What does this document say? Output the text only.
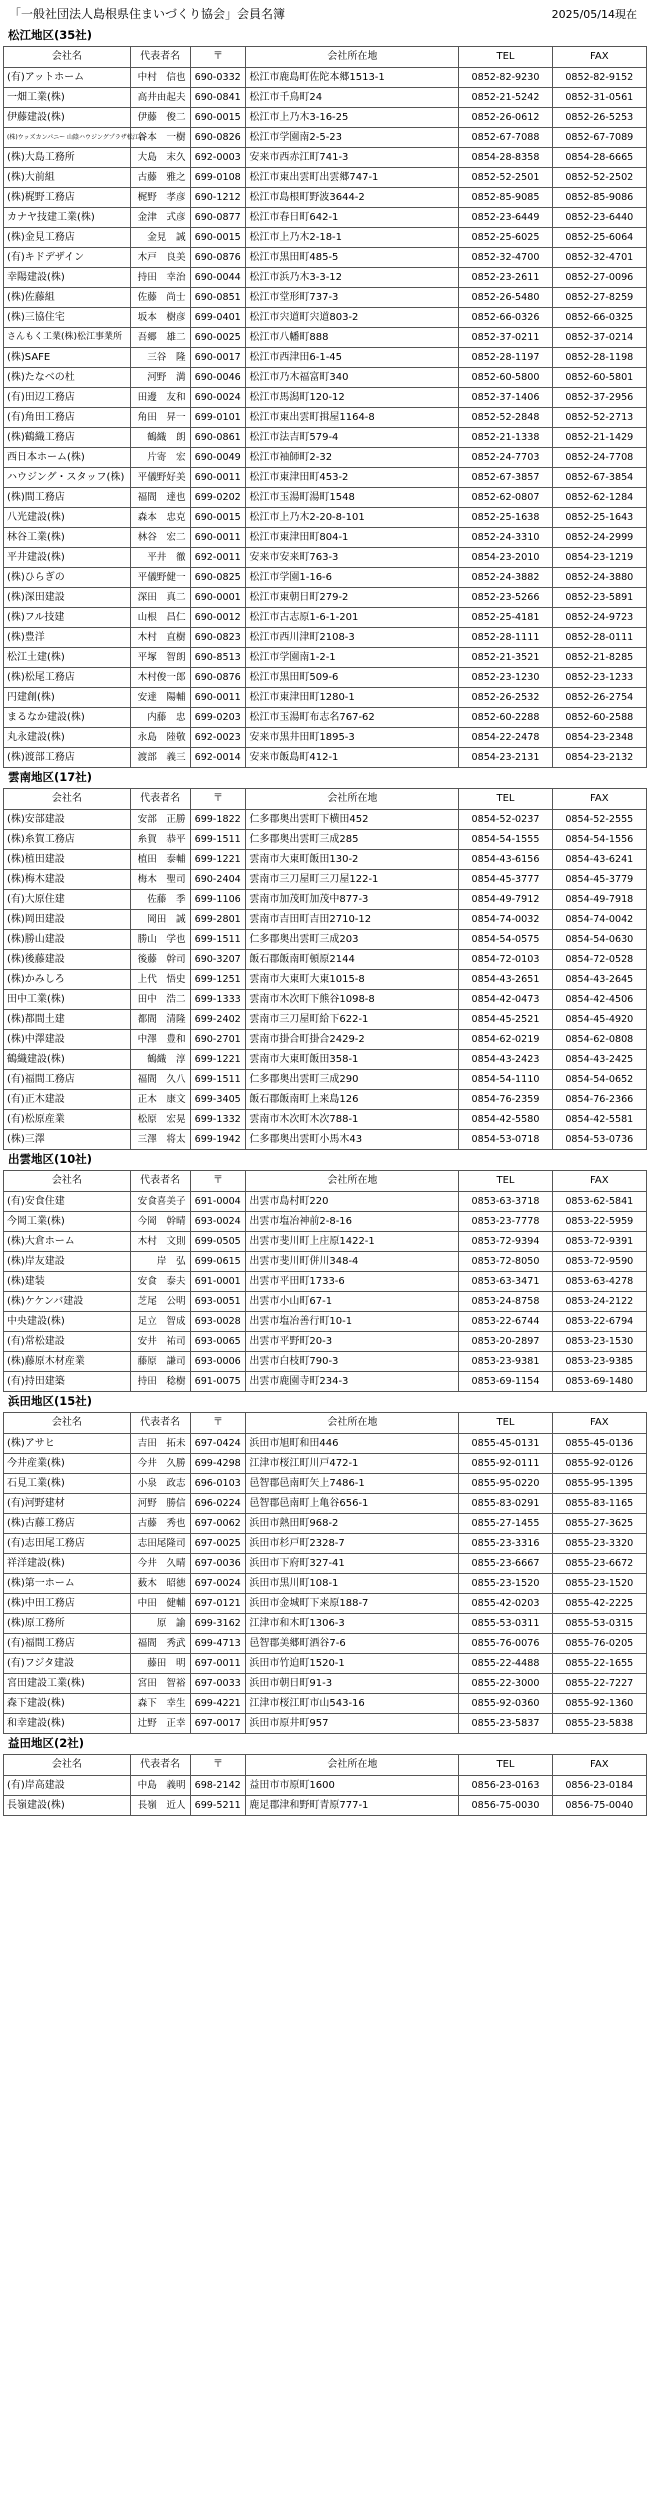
「一般社団法人島根県住まいづくり協会」会員名簿	2025/05/14現在
松江地区(35社)
会社名	代表者名	〒	会社所在地	TEL	FAX
(有)アットホーム	中村　信也	690-0332	松江市鹿島町佐陀本郷1513-1	0852-82-9230	0852-82-9152
一畑工業(株)	高井由起夫	690-0841	松江市千鳥町24	0852-21-5242	0852-31-0561
伊藤建設(株)	伊藤　俊二	690-0015	松江市上乃木3-16-25	0852-26-0612	0852-26-5253
(株)ウッズカンパニー 山陰ハウジングプラザ松江店	谷本　一樹	690-0826	松江市学園南2-5-23	0852-67-7088	0852-67-7089
(株)大島工務所	大島　末久	692-0003	安来市西赤江町741-3	0854-28-8358	0854-28-6665
(株)大前組	古藤　雅之	699-0108	松江市東出雲町出雲郷747-1	0852-52-2501	0852-52-2502
(株)梶野工務店	梶野　孝彦	690-1212	松江市島根町野波3644-2	0852-85-9085	0852-85-9086
カナヤ技建工業(株)	金津　式彦	690-0877	松江市春日町642-1	0852-23-6449	0852-23-6440
(株)金見工務店	金見　誠	690-0015	松江市上乃木2-18-1	0852-25-6025	0852-25-6064
(有)キドデザイン	木戸　良美	690-0876	松江市黒田町485-5	0852-32-4700	0852-32-4701
幸陽建設(株)	持田　幸治	690-0044	松江市浜乃木3-3-12	0852-23-2611	0852-27-0096
(株)佐藤組	佐藤　尚士	690-0851	松江市堂形町737-3	0852-26-5480	0852-27-8259
(株)三協住宅	坂本　樹彦	699-0401	松江市宍道町宍道803-2	0852-66-0326	0852-66-0325
さんもく工業(株)松江事業所	吾郷　雄二	690-0025	松江市八幡町888	0852-37-0211	0852-37-0214
(株)SAFE	三谷　隆	690-0017	松江市西津田6-1-45	0852-28-1197	0852-28-1198
(株)たなべの杜	河野　満	690-0046	松江市乃木福富町340	0852-60-5800	0852-60-5801
(有)田辺工務店	田邊　友和	690-0024	松江市馬潟町120-12	0852-37-1406	0852-37-2956
(有)角田工務店	角田　昇一	699-0101	松江市東出雲町揖屋1164-8	0852-52-2848	0852-52-2713
(株)鶴織工務店	鶴織　朗	690-0861	松江市法吉町579-4	0852-21-1338	0852-21-1429
西日本ホーム(株)	片寄　宏	690-0049	松江市袖師町2-32	0852-24-7703	0852-24-7708
ハウジング・スタッフ(株)	平儀野好美	690-0011	松江市東津田町453-2	0852-67-3857	0852-67-3854
(株)間工務店	福間　達也	699-0202	松江市玉湯町湯町1548	0852-62-0807	0852-62-1284
八光建設(株)	森本　忠克	690-0015	松江市上乃木2-20-8-101	0852-25-1638	0852-25-1643
林谷工業(株)	林谷　宏二	690-0011	松江市東津田町804-1	0852-24-3310	0852-24-2999
平井建設(株)	平井　徹	692-0011	安来市安来町763-3	0854-23-2010	0854-23-1219
(株)ひらぎの	平儀野健一	690-0825	松江市学園1-16-6	0852-24-3882	0852-24-3880
(株)深田建設	深田　真二	690-0001	松江市東朝日町279-2	0852-23-5266	0852-23-5891
(株)フル技建	山根　昌仁	690-0012	松江市古志原1-6-1-201	0852-25-4181	0852-24-9723
(株)豊洋	木村　直樹	690-0823	松江市西川津町2108-3	0852-28-1111	0852-28-0111
松江土建(株)	平塚　智朗	690-8513	松江市学園南1-2-1	0852-21-3521	0852-21-8285
(株)松尾工務店	木村俊一郎	690-0876	松江市黒田町509-6	0852-23-1230	0852-23-1233
円建創(株)	安達　陽輔	690-0011	松江市東津田町1280-1	0852-26-2532	0852-26-2754
まるなか建設(株)	内藤　忠	699-0203	松江市玉湯町布志名767-62	0852-60-2288	0852-60-2588
丸永建設(株)	永島　陸敬	692-0023	安来市黒井田町1895-3	0854-22-2478	0854-23-2348
(株)渡部工務店	渡部　義三	692-0014	安来市飯島町412-1	0854-23-2131	0854-23-2132
雲南地区(17社)
会社名	代表者名	〒	会社所在地	TEL	FAX
(株)安部建設	安部　正勝	699-1822	仁多郡奥出雲町下横田452	0854-52-0237	0854-52-2555
(株)糸賀工務店	糸賀　恭平	699-1511	仁多郡奥出雲町三成285	0854-54-1555	0854-54-1556
(株)植田建設	植田　泰輔	699-1221	雲南市大東町飯田130-2	0854-43-6156	0854-43-6241
(株)梅木建設	梅木　聖司	690-2404	雲南市三刀屋町三刀屋122-1	0854-45-3777	0854-45-3779
(有)大原住建	佐藤　季	699-1106	雲南市加茂町加茂中877-3	0854-49-7912	0854-49-7918
(株)岡田建設	岡田　誠	699-2801	雲南市吉田町吉田2710-12	0854-74-0032	0854-74-0042
(株)勝山建設	勝山　学也	699-1511	仁多郡奥出雲町三成203	0854-54-0575	0854-54-0630
(株)後藤建設	後藤　幹司	690-3207	飯石郡飯南町頓原2144	0854-72-0103	0854-72-0528
(株)かみしろ	上代　悟史	699-1251	雲南市大東町大東1015-8	0854-43-2651	0854-43-2645
田中工業(株)	田中　浩二	699-1333	雲南市木次町下熊谷1098-8	0854-42-0473	0854-42-4506
(株)都間土建	都間　清隆	699-2402	雲南市三刀屋町給下622-1	0854-45-2521	0854-45-4920
(株)中澤建設	中澤　豊和	690-2701	雲南市掛合町掛合2429-2	0854-62-0219	0854-62-0808
鶴織建設(株)	鶴織　淳	699-1221	雲南市大東町飯田358-1	0854-43-2423	0854-43-2425
(有)福間工務店	福間　久八	699-1511	仁多郡奥出雲町三成290	0854-54-1110	0854-54-0652
(有)正木建設	正木　康文	699-3405	飯石郡飯南町上来島126	0854-76-2359	0854-76-2366
(有)松原産業	松原　宏晃	699-1332	雲南市木次町木次788-1	0854-42-5580	0854-42-5581
(株)三澤	三澤　将太	699-1942	仁多郡奥出雲町小馬木43	0854-53-0718	0854-53-0736
出雲地区(10社)
会社名	代表者名	〒	会社所在地	TEL	FAX
(有)安食住建	安食喜美子	691-0004	出雲市島村町220	0853-63-3718	0853-62-5841
今岡工業(株)	今岡　幹晴	693-0024	出雲市塩冶神前2-8-16	0853-23-7778	0853-22-5959
(株)大倉ホーム	木村　文則	699-0505	出雲市斐川町上庄原1422-1	0853-72-9394	0853-72-9391
(株)岸友建設	岸　弘	699-0615	出雲市斐川町併川348-4	0853-72-8050	0853-72-9590
(株)建装	安食　泰夫	691-0001	出雲市平田町1733-6	0853-63-3471	0853-63-4278
(株)ケケンバ建設	芝尾　公明	693-0051	出雲市小山町67-1	0853-24-8758	0853-24-2122
中央建設(株)	足立　智成	693-0028	出雲市塩冶善行町10-1	0853-22-6744	0853-22-6794
(有)常松建設	安井　祐司	693-0065	出雲市平野町20-3	0853-20-2897	0853-23-1530
(株)藤原木材産業	藤原　謙司	693-0006	出雲市白枝町790-3	0853-23-9381	0853-23-9385
(有)持田建築	持田　稔樹	691-0075	出雲市鹿園寺町234-3	0853-69-1154	0853-69-1480
浜田地区(15社)
会社名	代表者名	〒	会社所在地	TEL	FAX
(株)アサヒ	吉田　拓未	697-0424	浜田市旭町和田446	0855-45-0131	0855-45-0136
今井産業(株)	今井　久勝	699-4298	江津市桜江町川戸472-1	0855-92-0111	0855-92-0126
石見工業(株)	小泉　政志	696-0103	邑智郡邑南町矢上7486-1	0855-95-0220	0855-95-1395
(有)河野建材	河野　勝信	696-0224	邑智郡邑南町上亀谷656-1	0855-83-0291	0855-83-1165
(株)古藤工務店	古藤　秀也	697-0062	浜田市熱田町968-2	0855-27-1455	0855-27-3625
(有)志田尾工務店	志田尾隆司	697-0025	浜田市杉戸町2328-7	0855-23-3316	0855-23-3320
祥洋建設(株)	今井　久晴	697-0036	浜田市下府町327-41	0855-23-6667	0855-23-6672
(株)第一ホーム	薮木　昭徳	697-0024	浜田市黒川町108-1	0855-23-1520	0855-23-1520
(株)中田工務店	中田　健輔	697-0121	浜田市金城町下来原188-7	0855-42-0203	0855-42-2225
(株)原工務所	原　諭	699-3162	江津市和木町1306-3	0855-53-0311	0855-53-0315
(有)福間工務店	福間　秀武	699-4713	邑智郡美郷町酒谷7-6	0855-76-0076	0855-76-0205
(有)フジタ建設	藤田　明	697-0011	浜田市竹迫町1520-1	0855-22-4488	0855-22-1655
宮田建設工業(株)	宮田　智裕	697-0033	浜田市朝日町91-3	0855-22-3000	0855-22-7227
森下建設(株)	森下　幸生	699-4221	江津市桜江町市山543-16	0855-92-0360	0855-92-1360
和幸建設(株)	辻野　正幸	697-0017	浜田市原井町957	0855-23-5837	0855-23-5838
益田地区(2社)
会社名	代表者名	〒	会社所在地	TEL	FAX
(有)岸高建設	中島　義明	698-2142	益田市市原町1600	0856-23-0163	0856-23-0184
長嶺建設(株)	長嶺　近人	699-5211	鹿足郡津和野町青原777-1	0856-75-0030	0856-75-0040
